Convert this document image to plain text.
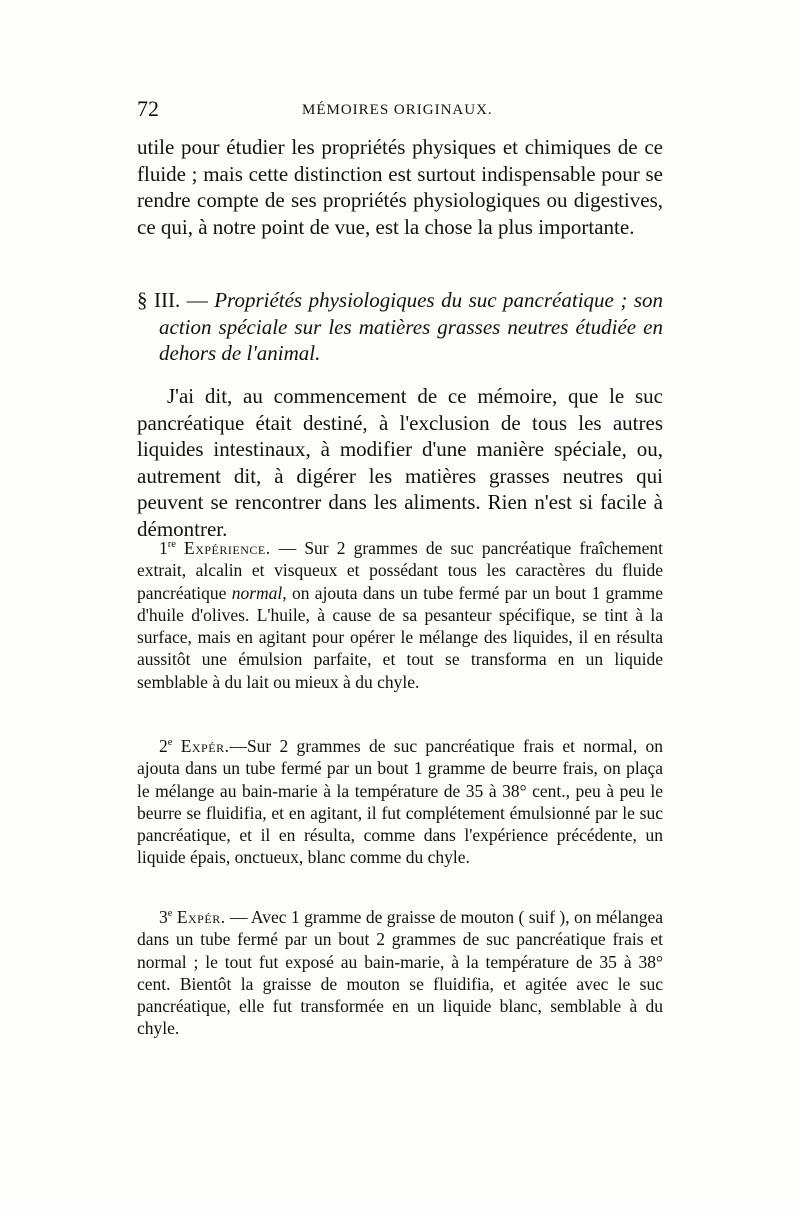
72	MÉMOIRES ORIGINAUX.

utile pour étudier les propriétés physiques et chimiques de ce fluide ; mais cette distinction est surtout indispensable pour se rendre compte de ses propriétés physiologiques ou digestives, ce qui, à notre point de vue, est la chose la plus importante.

§ III. — Propriétés physiologiques du suc pancréatique ; son action spéciale sur les matières grasses neutres étudiée en dehors de l'animal.

J'ai dit, au commencement de ce mémoire, que le suc pancréatique était destiné, à l'exclusion de tous les autres liquides intestinaux, à modifier d'une manière spéciale, ou, autrement dit, à digérer les matières grasses neutres qui peuvent se rencontrer dans les aliments. Rien n'est si facile à démontrer.

1re Expérience. — Sur 2 grammes de suc pancréatique fraîchement extrait, alcalin et visqueux et possédant tous les caractères du fluide pancréatique normal, on ajouta dans un tube fermé par un bout 1 gramme d'huile d'olives. L'huile, à cause de sa pesanteur spécifique, se tint à la surface, mais en agitant pour opérer le mélange des liquides, il en résulta aussitôt une émulsion parfaite, et tout se transforma en un liquide semblable à du lait ou mieux à du chyle.

2e Expér.—Sur 2 grammes de suc pancréatique frais et normal, on ajouta dans un tube fermé par un bout 1 gramme de beurre frais, on plaça le mélange au bain-marie à la température de 35 à 38° cent., peu à peu le beurre se fluidifia, et en agitant, il fut complétement émulsionné par le suc pancréatique, et il en résulta, comme dans l'expérience précédente, un liquide épais, onctueux, blanc comme du chyle.

3e Expér. — Avec 1 gramme de graisse de mouton ( suif ), on mélangea dans un tube fermé par un bout 2 grammes de suc pancréatique frais et normal ; le tout fut exposé au bain-marie, à la température de 35 à 38° cent. Bientôt la graisse de mouton se fluidifia, et agitée avec le suc pancréatique, elle fut transformée en un liquide blanc, semblable à du chyle.
